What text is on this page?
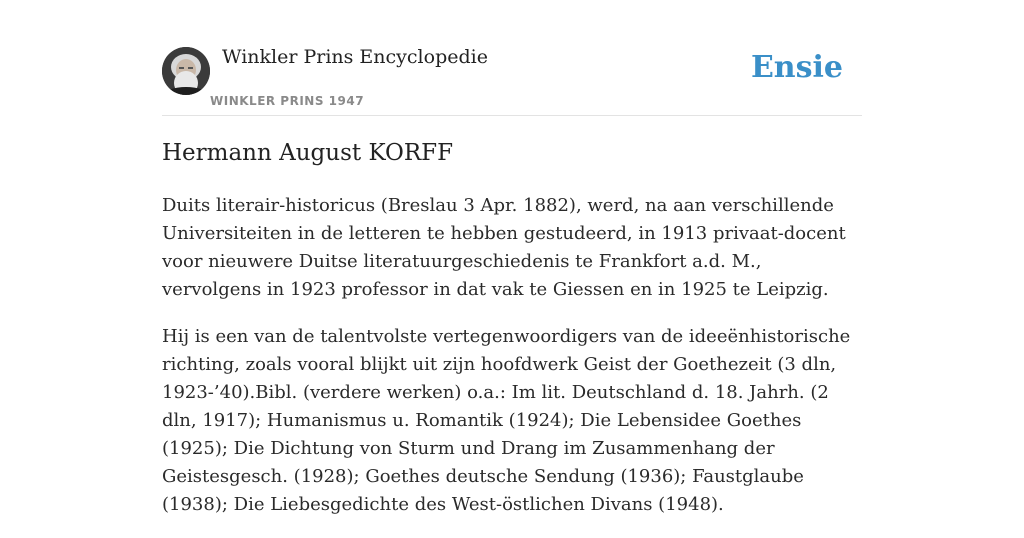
Winkler Prins Encyclopedie
WINKLER PRINS 1947
Ensie
Hermann August KORFF

Duits literair-historicus (Breslau 3 Apr. 1882), werd, na aan verschillende Universiteiten in de letteren te hebben gestudeerd, in 1913 privaat-docent voor nieuwere Duitse literatuurgeschiedenis te Frankfort a.d. M., vervolgens in 1923 professor in dat vak te Giessen en in 1925 te Leipzig.

Hij is een van de talentvolste vertegenwoordigers van de ideeënhistorische richting, zoals vooral blijkt uit zijn hoofdwerk Geist der Goethezeit (3 dln, 1923-’40).Bibl. (verdere werken) o.a.: Im lit. Deutschland d. 18. Jahrh. (2 dln, 1917); Humanismus u. Romantik (1924); Die Lebensidee Goethes (1925); Die Dichtung von Sturm und Drang im Zusammenhang der Geistesgesch. (1928); Goethes deutsche Sendung (1936); Faustglaube (1938); Die Liebesgedichte des West-östlichen Divans (1948).
